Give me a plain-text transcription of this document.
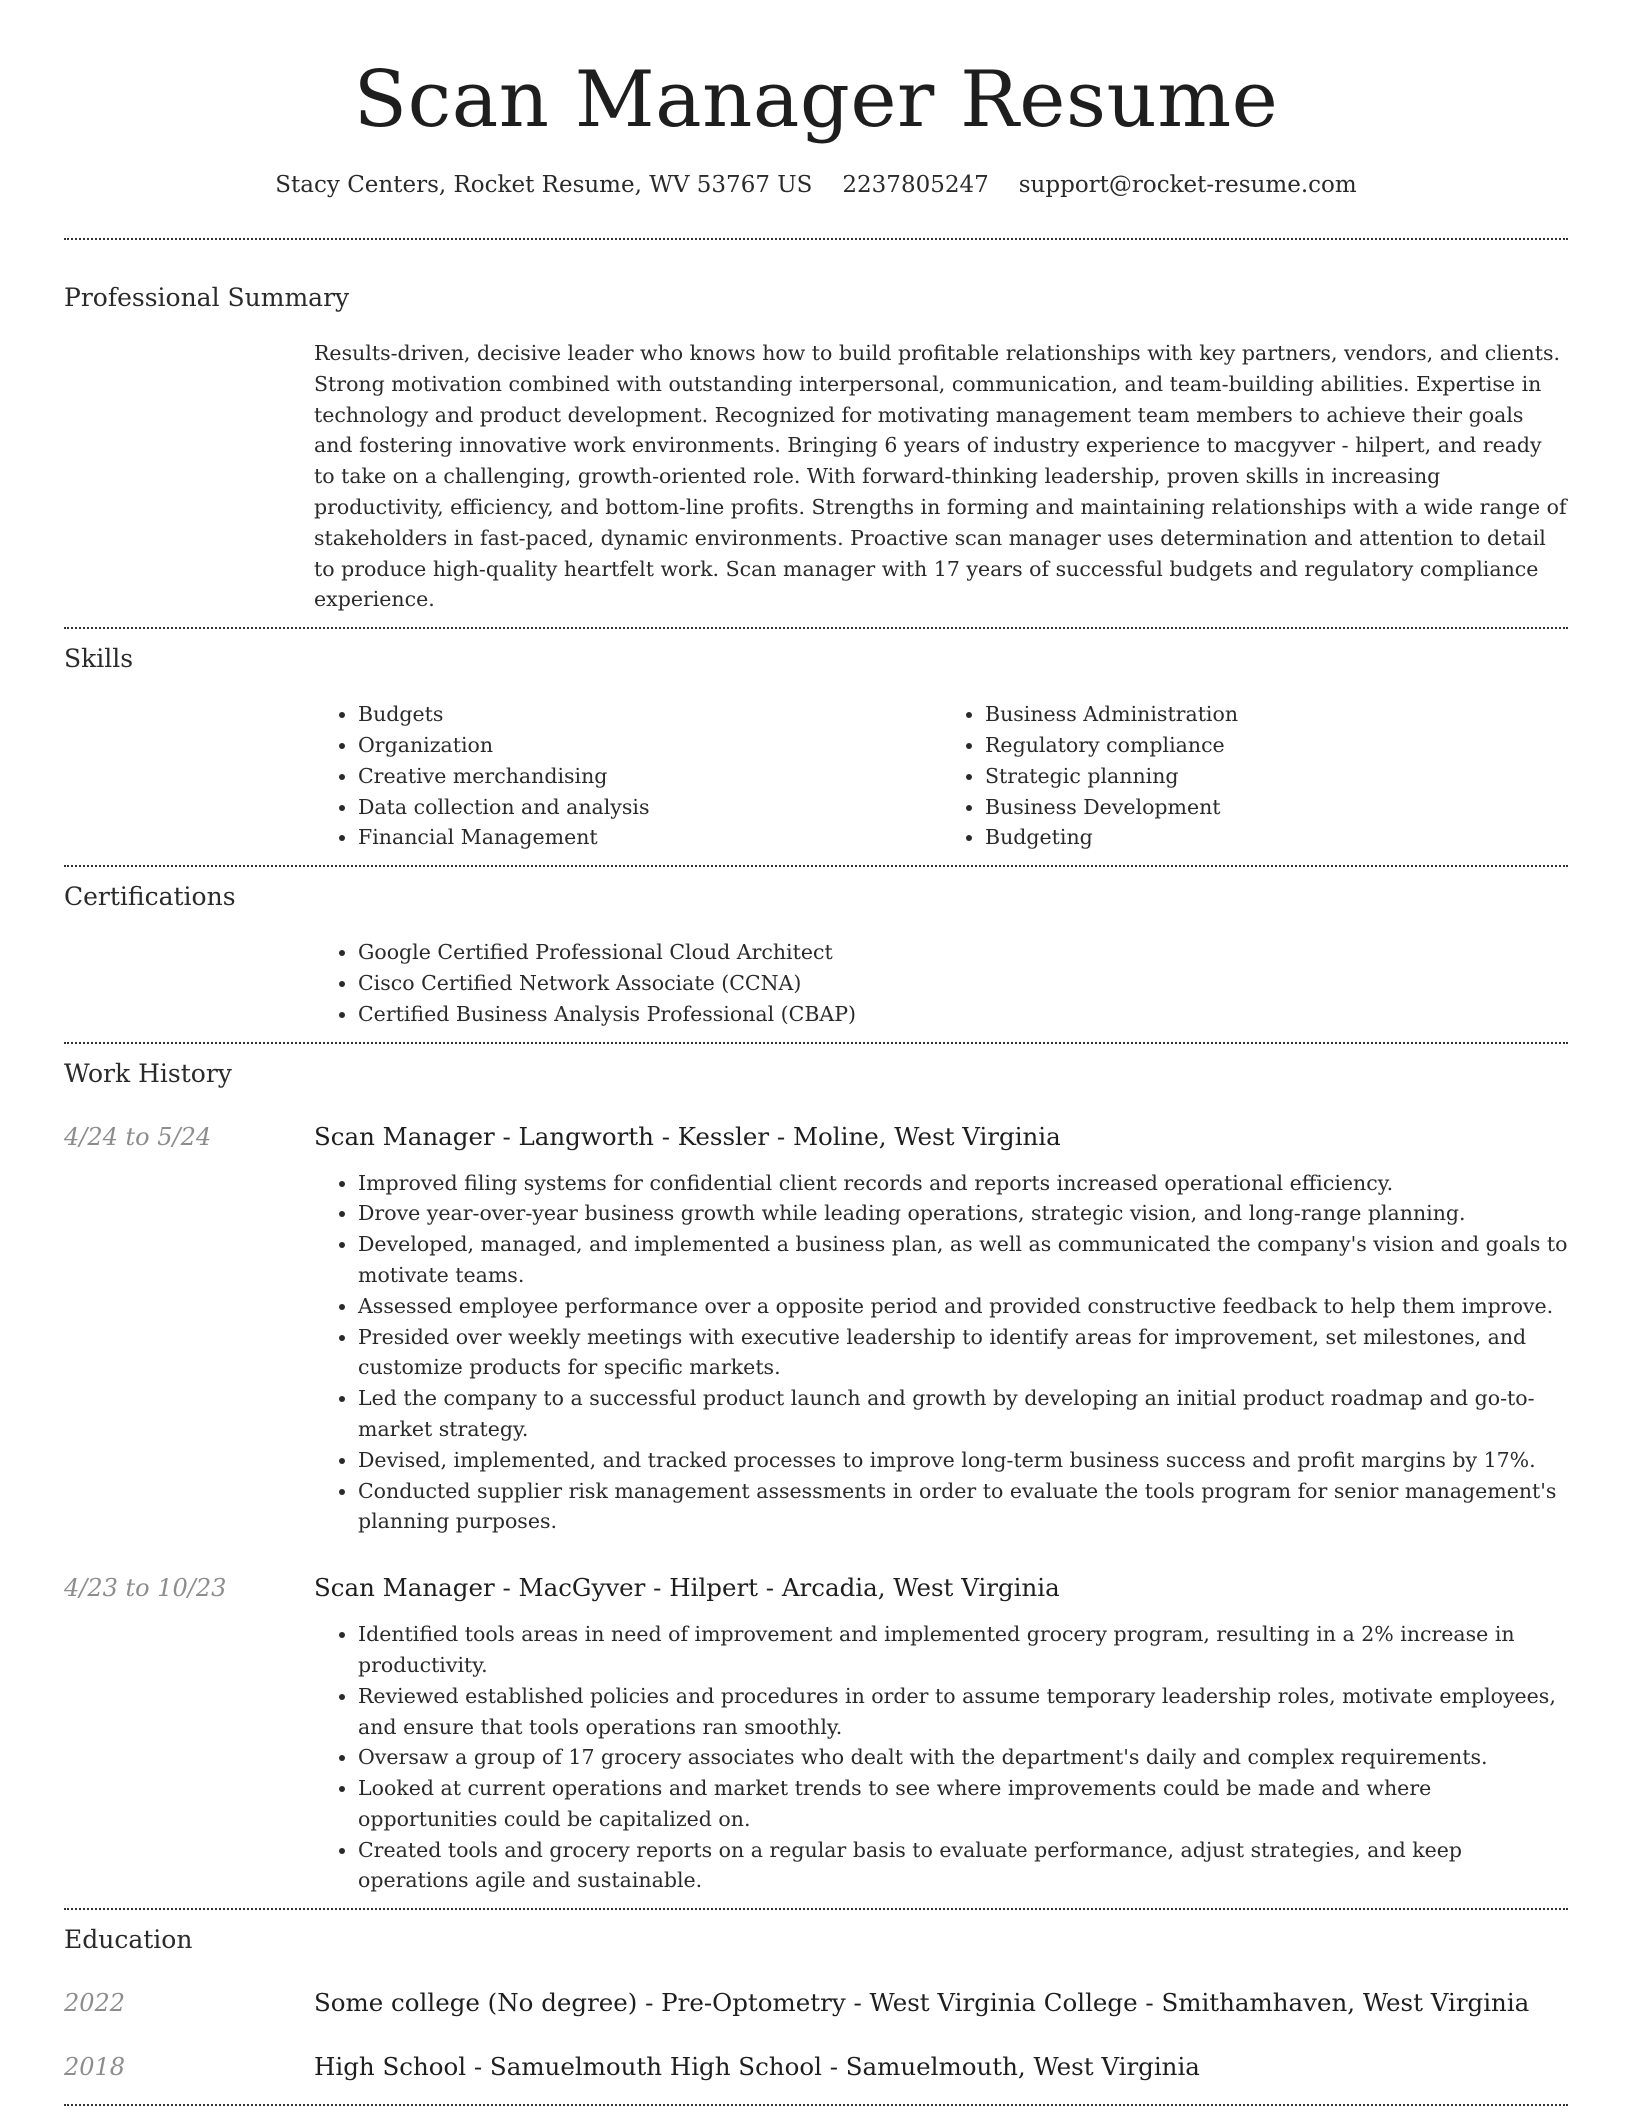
Scan Manager Resume
Stacy Centers, Rocket Resume, WV 53767 US 2237805247 support@rocket-resume.com
Professional Summary

Results-driven, decisive leader who knows how to build profitable relationships with key partners, vendors, and clients. Strong motivation combined with outstanding interpersonal, communication, and team-building abilities. Expertise in technology and product development. Recognized for motivating management team members to achieve their goals and fostering innovative work environments. Bringing 6 years of industry experience to macgyver - hilpert, and ready to take on a challenging, growth-oriented role. With forward-thinking leadership, proven skills in increasing productivity, efficiency, and bottom-line profits. Strengths in forming and maintaining relationships with a wide range of stakeholders in fast-paced, dynamic environments. Proactive scan manager uses determination and attention to detail to produce high-quality heartfelt work. Scan manager with 17 years of successful budgets and regulatory compliance experience.

Skills
• Budgets
• Organization
• Creative merchandising
• Data collection and analysis
• Financial Management
• Business Administration
• Regulatory compliance
• Strategic planning
• Business Development
• Budgeting
Certifications
• Google Certified Professional Cloud Architect
• Cisco Certified Network Associate (CCNA)
• Certified Business Analysis Professional (CBAP)
Work History
4/24 to 5/24	Scan Manager - Langworth - Kessler - Moline, West Virginia
• Improved filing systems for confidential client records and reports increased operational efficiency.
• Drove year-over-year business growth while leading operations, strategic vision, and long-range planning.
• Developed, managed, and implemented a business plan, as well as communicated the company's vision and goals to motivate teams.
• Assessed employee performance over a opposite period and provided constructive feedback to help them improve.
• Presided over weekly meetings with executive leadership to identify areas for improvement, set milestones, and customize products for specific markets.
• Led the company to a successful product launch and growth by developing an initial product roadmap and go-to-market strategy.
• Devised, implemented, and tracked processes to improve long-term business success and profit margins by 17%.
• Conducted supplier risk management assessments in order to evaluate the tools program for senior management's planning purposes.
4/23 to 10/23	Scan Manager - MacGyver - Hilpert - Arcadia, West Virginia
• Identified tools areas in need of improvement and implemented grocery program, resulting in a 2% increase in productivity.
• Reviewed established policies and procedures in order to assume temporary leadership roles, motivate employees, and ensure that tools operations ran smoothly.
• Oversaw a group of 17 grocery associates who dealt with the department's daily and complex requirements.
• Looked at current operations and market trends to see where improvements could be made and where opportunities could be capitalized on.
• Created tools and grocery reports on a regular basis to evaluate performance, adjust strategies, and keep operations agile and sustainable.
Education
2022	Some college (No degree) - Pre-Optometry - West Virginia College - Smithamhaven, West Virginia
2018	High School - Samuelmouth High School - Samuelmouth, West Virginia
